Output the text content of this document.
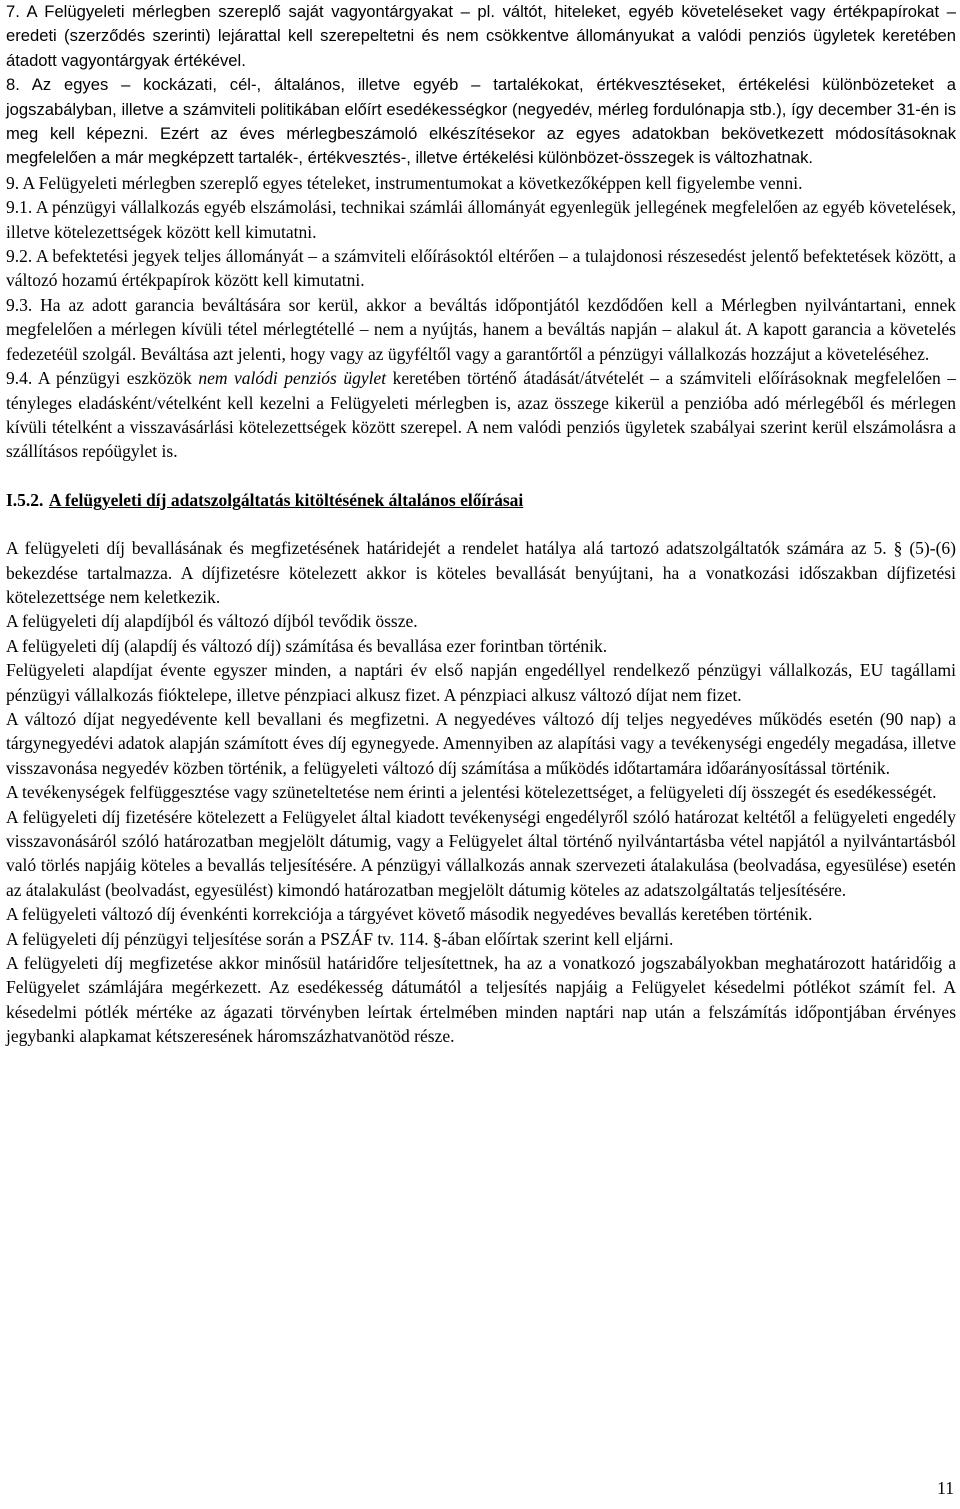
7. A Felügyeleti mérlegben szereplő saját vagyontárgyakat – pl. váltót, hiteleket, egyéb követeléseket vagy értékpapírokat – eredeti (szerződés szerinti) lejárattal kell szerepeltetni és nem csökkentve állományukat a valódi penziós ügyletek keretében átadott vagyontárgyak értékével.

8. Az egyes – kockázati, cél-, általános, illetve egyéb – tartalékokat, értékvesztéseket, értékelési különbözeteket a jogszabályban, illetve a számviteli politikában előírt esedékességkor (negyedév, mérleg fordulónapja stb.), így december 31-én is meg kell képezni. Ezért az éves mérlegbeszámoló elkészítésekor az egyes adatokban bekövetkezett módosításoknak megfelelően a már megképzett tartalék-, értékvesztés-, illetve értékelési különbözet-összegek is változhatnak.

9. A Felügyeleti mérlegben szereplő egyes tételeket, instrumentumokat a következőképpen kell figyelembe venni.

9.1. A pénzügyi vállalkozás egyéb elszámolási, technikai számlái állományát egyenlegük jellegének megfelelően az egyéb követelések, illetve kötelezettségek között kell kimutatni.

9.2. A befektetési jegyek teljes állományát – a számviteli előírásoktól eltérően – a tulajdonosi részesedést jelentő befektetések között, a változó hozamú értékpapírok között kell kimutatni.

9.3. Ha az adott garancia beváltására sor kerül, akkor a beváltás időpontjától kezdődően kell a Mérlegben nyilvántartani, ennek megfelelően a mérlegen kívüli tétel mérlegtétellé – nem a nyújtás, hanem a beváltás napján – alakul át. A kapott garancia a követelés fedezetéül szolgál. Beváltása azt jelenti, hogy vagy az ügyféltől vagy a garantőrtől a pénzügyi vállalkozás hozzájut a követeléséhez.

9.4. A pénzügyi eszközök nem valódi penziós ügylet keretében történő átadását/átvételét – a számviteli előírásoknak megfelelően – tényleges eladásként/vételként kell kezelni a Felügyeleti mérlegben is, azaz összege kikerül a penzióba adó mérlegéből és mérlegen kívüli tételként a visszavásárlási kötelezettségek között szerepel. A nem valódi penziós ügyletek szabályai szerint kerül elszámolásra a szállításos repóügylet is.

I.5.2. A felügyeleti díj adatszolgáltatás kitöltésének általános előírásai

A felügyeleti díj bevallásának és megfizetésének határidejét a rendelet hatálya alá tartozó adatszolgáltatók számára az 5. § (5)-(6) bekezdése tartalmazza. A díjfizetésre kötelezett akkor is köteles bevallását benyújtani, ha a vonatkozási időszakban díjfizetési kötelezettsége nem keletkezik.

A felügyeleti díj alapdíjból és változó díjból tevődik össze.

A felügyeleti díj (alapdíj és változó díj) számítása és bevallása ezer forintban történik.

Felügyeleti alapdíjat évente egyszer minden, a naptári év első napján engedéllyel rendelkező pénzügyi vállalkozás, EU tagállami pénzügyi vállalkozás fióktelepe, illetve pénzpiaci alkusz fizet. A pénzpiaci alkusz változó díjat nem fizet.

A változó díjat negyedévente kell bevallani és megfizetni. A negyedéves változó díj teljes negyedéves működés esetén (90 nap) a tárgynegyedévi adatok alapján számított éves díj egynegyede. Amennyiben az alapítási vagy a tevékenységi engedély megadása, illetve visszavonása negyedév közben történik, a felügyeleti változó díj számítása a működés időtartamára időarányosítással történik.

A tevékenységek felfüggesztése vagy szüneteltetése nem érinti a jelentési kötelezettséget, a felügyeleti díj összegét és esedékességét.

A felügyeleti díj fizetésére kötelezett a Felügyelet által kiadott tevékenységi engedélyről szóló határozat keltétől a felügyeleti engedély visszavonásáról szóló határozatban megjelölt dátumig, vagy a Felügyelet által történő nyilvántartásba vétel napjától a nyilvántartásból való törlés napjáig köteles a bevallás teljesítésére. A pénzügyi vállalkozás annak szervezeti átalakulása (beolvadása, egyesülése) esetén az átalakulást (beolvadást, egyesülést) kimondó határozatban megjelölt dátumig köteles az adatszolgáltatás teljesítésére.

A felügyeleti változó díj évenkénti korrekciója a tárgyévet követő második negyedéves bevallás keretében történik.

A felügyeleti díj pénzügyi teljesítése során a PSZÁF tv. 114. §-ában előírtak szerint kell eljárni.

A felügyeleti díj megfizetése akkor minősül határidőre teljesítettnek, ha az a vonatkozó jogszabályokban meghatározott határidőig a Felügyelet számlájára megérkezett. Az esedékesség dátumától a teljesítés napjáig a Felügyelet késedelmi pótlékot számít fel. A késedelmi pótlék mértéke az ágazati törvényben leírtak értelmében minden naptári nap után a felszámítás időpontjában érvényes jegybanki alapkamat kétszeresének háromszázhatvanötöd része.

11
